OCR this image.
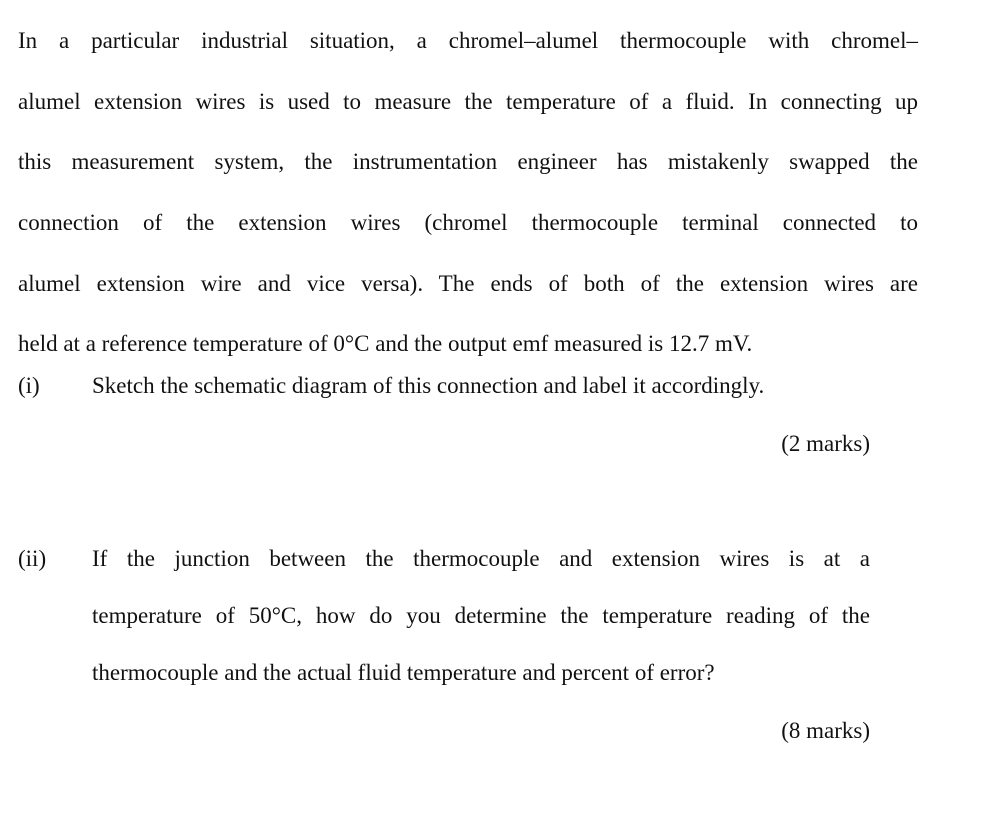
In a particular industrial situation, a chromel–alumel thermocouple with chromel–
alumel extension wires is used to measure the temperature of a fluid. In connecting up
this measurement system, the instrumentation engineer has mistakenly swapped the
connection of the extension wires (chromel thermocouple terminal connected to
alumel extension wire and vice versa). The ends of both of the extension wires are
held at a reference temperature of 0°C and the output emf measured is 12.7 mV.
(i) Sketch the schematic diagram of this connection and label it accordingly.
(2 marks)
(ii) If the junction between the thermocouple and extension wires is at a
temperature of 50°C, how do you determine the temperature reading of the
thermocouple and the actual fluid temperature and percent of error?
(8 marks)
